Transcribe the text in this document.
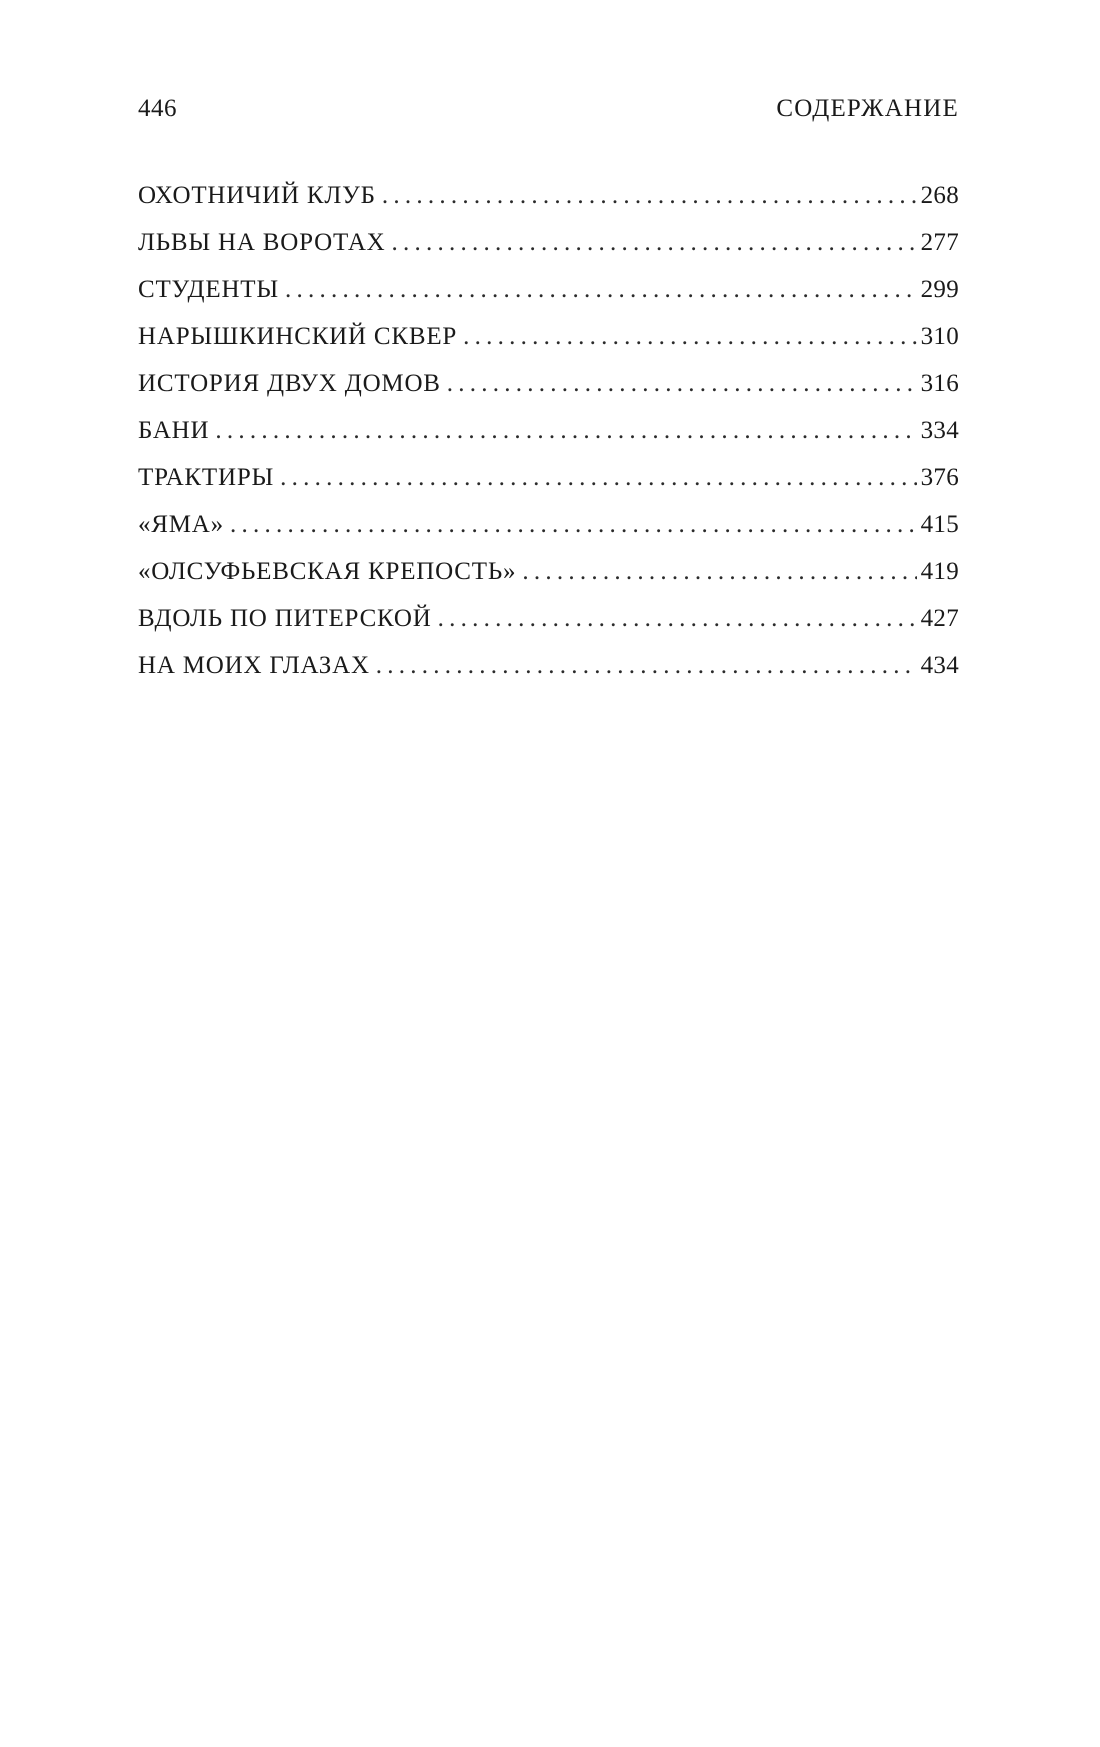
446	СОДЕРЖАНИЕ
ОХОТНИЧИЙ КЛУБ . . .	268
ЛЬВЫ НА ВОРОТАХ . . .	277
СТУДЕНТЫ . . .	299
НАРЫШКИНСКИЙ СКВЕР . . .	310
ИСТОРИЯ ДВУХ ДОМОВ . . .	316
БАНИ . . .	334
ТРАКТИРЫ . . .	376
«ЯМА» . . .	415
«ОЛСУФЬЕВСКАЯ КРЕПОСТЬ» . . .	419
ВДОЛЬ ПО ПИТЕРСКОЙ . . .	427
НА МОИХ ГЛАЗАХ . . .	434
